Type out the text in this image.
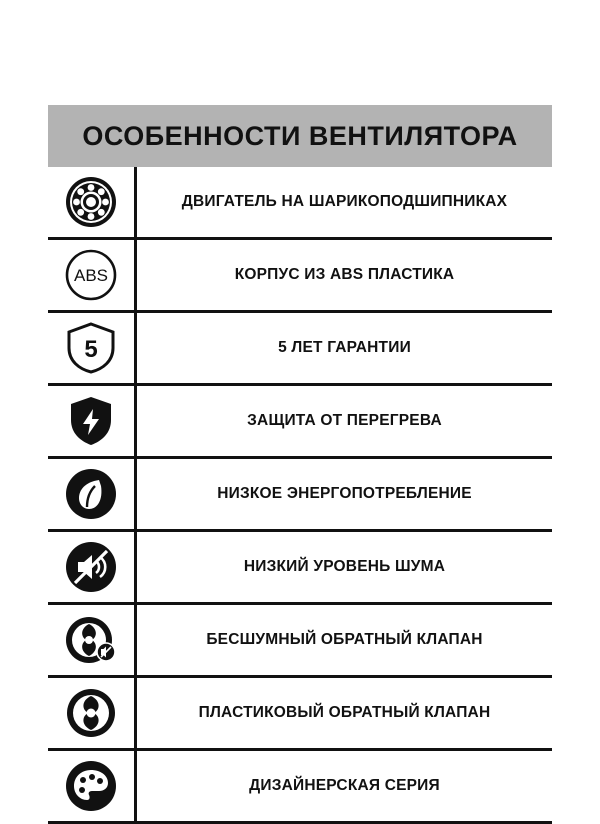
ОСОБЕННОСТИ ВЕНТИЛЯТОРА
ДВИГАТЕЛЬ НА ШАРИКОПОДШИПНИКАХ
ABS	КОРПУС ИЗ ABS ПЛАСТИКА
5	5 ЛЕТ ГАРАНТИИ
ЗАЩИТА ОТ ПЕРЕГРЕВА
НИЗКОЕ ЭНЕРГОПОТРЕБЛЕНИЕ
НИЗКИЙ УРОВЕНЬ ШУМА
БЕСШУМНЫЙ ОБРАТНЫЙ КЛАПАН
ПЛАСТИКОВЫЙ ОБРАТНЫЙ КЛАПАН
ДИЗАЙНЕРСКАЯ СЕРИЯ
